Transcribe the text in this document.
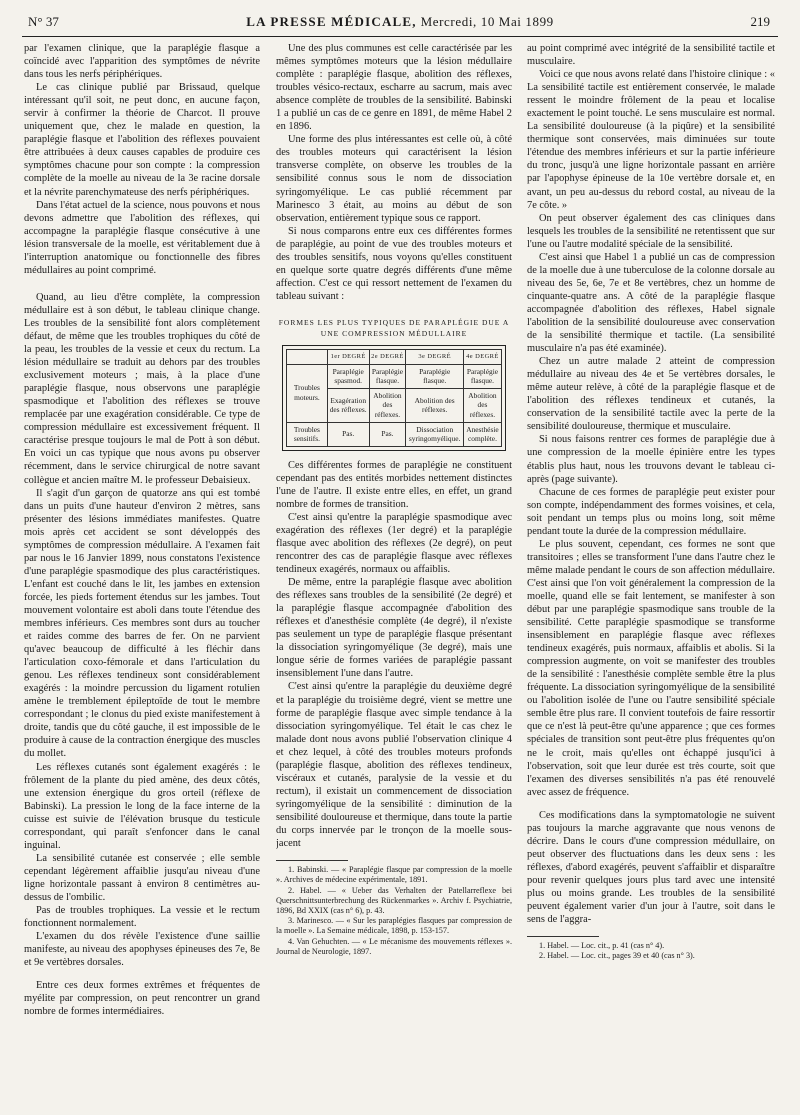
N° 37	LA PRESSE MÉDICALE, Mercredi, 10 Mai 1899	219

par l'examen clinique, que la paraplégie flasque a coïncidé avec l'apparition des symptômes de névrite dans tous les nerfs périphériques.

Le cas clinique publié par Brissaud, quelque intéressant qu'il soit, ne peut donc, en aucune façon, servir à confirmer la théorie de Charcot. Il prouve uniquement que, chez le malade en question, la paraplégie flasque et l'abolition des réflexes pouvaient être attribuées à deux causes capables de produire ces symptômes chacune pour son compte : la compression complète de la moelle au niveau de la 3e racine dorsale et la névrite parenchymateuse des nerfs périphériques.

Dans l'état actuel de la science, nous pouvons et nous devons admettre que l'abolition des réflexes, qui accompagne la paraplégie flasque consécutive à une lésion transversale de la moelle, est véritablement due à l'interruption anatomique ou fonctionnelle des fibres médullaires au point comprimé.

Quand, au lieu d'être complète, la compression médullaire est à son début, le tableau clinique change. Les troubles de la sensibilité font alors complètement défaut, de même que les troubles trophiques du côté de la peau, les troubles de la vessie et ceux du rectum. La lésion médullaire se traduit au dehors par des troubles exclusivement moteurs ; mais, à la place d'une paraplégie flasque, nous observons une paraplégie spasmodique et l'abolition des réflexes se trouve remplacée par une exagération considérable. Ce type de compression médullaire est excessivement fréquent. Il caractérise presque toujours le mal de Pott à son début. En voici un cas typique que nous avons pu observer récemment, dans le service chirurgical de notre savant collègue et ancien maître M. le professeur Debaisieux.

Il s'agit d'un garçon de quatorze ans qui est tombé dans un puits d'une hauteur d'environ 2 mètres, sans présenter des lésions immédiates manifestes. Quatre mois après cet accident se sont développés des symptômes de compression médullaire. A l'examen fait par nous le 16 Janvier 1899, nous constatons l'existence d'une paraplégie spasmodique des plus caractéristiques. L'enfant est couché dans le lit, les jambes en extension forcée, les pieds fortement étendus sur les jambes. Tout mouvement volontaire est aboli dans toute l'étendue des membres inférieurs. Ces membres sont durs au toucher et raides comme des barres de fer. On ne parvient qu'avec beaucoup de difficulté à les fléchir dans l'articulation coxo-fémorale et dans l'articulation du genou. Les réflexes tendineux sont considérablement exagérés : la moindre percussion du ligament rotulien amène le tremblement épileptoïde de tout le membre correspondant ; le clonus du pied existe manifestement à droite, tandis que du côté gauche, il est impossible de le produire à cause de la contraction énergique des muscles du mollet.

Les réflexes cutanés sont également exagérés : le frôlement de la plante du pied amène, des deux côtés, une extension énergique du gros orteil (réflexe de Babinski). La pression le long de la face interne de la cuisse est suivie de l'élévation brusque du testicule correspondant, qui paraît s'enfoncer dans le canal inguinal.

La sensibilité cutanée est conservée ; elle semble cependant légèrement affaiblie jusqu'au niveau d'une ligne horizontale passant à environ 8 centimètres au-dessus de l'ombilic.

Pas de troubles trophiques. La vessie et le rectum fonctionnent normalement.

L'examen du dos révèle l'existence d'une saillie manifeste, au niveau des apophyses épineuses des 7e, 8e et 9e vertèbres dorsales.

Entre ces deux formes extrêmes et fréquentes de myélite par compression, on peut rencontrer un grand nombre de formes intermédiaires.

Une des plus communes est celle caractérisée par les mêmes symptômes moteurs que la lésion médullaire complète : paraplégie flasque, abolition des réflexes, troubles vésico-rectaux, escharre au sacrum, mais avec absence complète de troubles de la sensibilité. Babinski 1 a publié un cas de ce genre en 1891, de même Habel 2 en 1896.

Une forme des plus intéressantes est celle où, à côté des troubles moteurs qui caractérisent la lésion transverse complète, on observe les troubles de la sensibilité connus sous le nom de dissociation syringomyélique. Le cas publié récemment par Marinesco 3 était, au moins au début de son observation, entièrement typique sous ce rapport.

Si nous comparons entre eux ces différentes formes de paraplégie, au point de vue des troubles moteurs et des troubles sensitifs, nous voyons qu'elles constituent en quelque sorte quatre degrés différents d'une même affection. C'est ce qui ressort nettement de l'examen du tableau suivant :

FORMES LES PLUS TYPIQUES DE PARAPLÉGIE DUE A UNE COMPRESSION MÉDULLAIRE
	1er DEGRÉ	2e DEGRÉ	3e DEGRÉ	4e DEGRÉ
Troubles moteurs.	Paraplégie spasmod.	Paraplégie flasque.	Paraplégie flasque.	Paraplégie flasque.
	Exagération des réflexes.	Abolition des réflexes.	Abolition des réflexes.	Abolition des réflexes.
Troubles sensitifs.	Pas.	Pas.	Dissociation syringomyélique.	Anesthésie complète.

Ces différentes formes de paraplégie ne constituent cependant pas des entités morbides nettement distinctes l'une de l'autre. Il existe entre elles, en effet, un grand nombre de formes de transition.

C'est ainsi qu'entre la paraplégie spasmodique avec exagération des réflexes (1er degré) et la paraplégie flasque avec abolition des réflexes (2e degré), on peut rencontrer des cas de paraplégie flasque avec réflexes tendineux exagérés, normaux ou affaiblis.

De même, entre la paraplégie flasque avec abolition des réflexes sans troubles de la sensibilité (2e degré) et la paraplégie flasque accompagnée d'abolition des réflexes et d'anesthésie complète (4e degré), il n'existe pas seulement un type de paraplégie flasque présentant la dissociation syringomyélique (3e degré), mais une longue série de formes variées de paraplégie passant insensiblement l'une dans l'autre.

C'est ainsi qu'entre la paraplégie du deuxième degré et la paraplégie du troisième degré, vient se mettre une forme de paraplégie flasque avec simple tendance à la dissociation syringomyélique. Tel était le cas chez le malade dont nous avons publié l'observation clinique 4 et chez lequel, à côté des troubles moteurs profonds (paraplégie flasque, abolition des réflexes tendineux, viscéraux et cutanés, paralysie de la vessie et du rectum), il existait un commencement de dissociation syringomyélique de la sensibilité : diminution de la sensibilité douloureuse et thermique, dans toute la partie du corps innervée par le tronçon de la moelle sous-jacent

1. Babinski. — « Paraplégie flasque par compression de la moelle ». Archives de médecine expérimentale, 1891.

2. Habel. — « Ueber das Verhalten der Patellarreflexe bei Querschnittsunterbrechung des Rückenmarkes ». Archiv f. Psychiatrie, 1896, Bd XXIX (cas n° 6), p. 43.

3. Marinesco. — « Sur les paraplégies flasques par compression de la moelle ». La Semaine médicale, 1898, p. 153-157.

4. Van Gehuchten. — « Le mécanisme des mouvements réflexes ». Journal de Neurologie, 1897.

au point comprimé avec intégrité de la sensibilité tactile et musculaire.

Voici ce que nous avons relaté dans l'histoire clinique : « La sensibilité tactile est entièrement conservée, le malade ressent le moindre frôlement de la peau et localise exactement le point touché. Le sens musculaire est normal. La sensibilité douloureuse (à la piqûre) et la sensibilité thermique sont conservées, mais diminuées sur toute l'étendue des membres inférieurs et sur la partie inférieure du tronc, jusqu'à une ligne horizontale passant en arrière par l'apophyse épineuse de la 10e vertèbre dorsale et, en avant, un peu au-dessus du rebord costal, au niveau de la 7e côte. »

On peut observer également des cas cliniques dans lesquels les troubles de la sensibilité ne retentissent que sur l'une ou l'autre modalité spéciale de la sensibilité.

C'est ainsi que Habel 1 a publié un cas de compression de la moelle due à une tuberculose de la colonne dorsale au niveau des 5e, 6e, 7e et 8e vertèbres, chez un homme de cinquante-quatre ans. A côté de la paraplégie flasque accompagnée d'abolition des réflexes, Habel signale l'abolition de la sensibilité douloureuse avec conservation de la sensibilité thermique et tactile. (La sensibilité musculaire n'a pas été examinée).

Chez un autre malade 2 atteint de compression médullaire au niveau des 4e et 5e vertèbres dorsales, le même auteur relève, à côté de la paraplégie flasque et de l'abolition des réflexes tendineux et cutanés, la conservation de la sensibilité tactile avec la perte de la sensibilité douloureuse, thermique et musculaire.

Si nous faisons rentrer ces formes de paraplégie due à une compression de la moelle épinière entre les types établis plus haut, nous les trouvons devant le tableau ci-après (page suivante).

Chacune de ces formes de paraplégie peut exister pour son compte, indépendamment des formes voisines, et cela, soit pendant un temps plus ou moins long, soit même pendant toute la durée de la compression médullaire.

Le plus souvent, cependant, ces formes ne sont que transitoires ; elles se transforment l'une dans l'autre chez le même malade pendant le cours de son affection médullaire. C'est ainsi que l'on voit généralement la compression de la moelle, quand elle se fait lentement, se manifester à son début par une paraplégie spasmodique sans trouble de la sensibilité. Cette paraplégie spasmodique se transforme insensiblement en paraplégie flasque avec réflexes tendineux exagérés, puis normaux, affaiblis et abolis. Si la compression augmente, on voit se manifester des troubles de la sensibilité : l'anesthésie complète semble être la plus fréquente. La dissociation syringomyélique de la sensibilité ou l'abolition isolée de l'une ou l'autre sensibilité spéciale semble être plus rare. Il convient toutefois de faire ressortir que ce n'est là peut-être qu'une apparence ; que ces formes spéciales de transition sont peut-être plus fréquentes qu'on ne le croit, mais qu'elles ont échappé jusqu'ici à l'observation, soit que leur durée est très courte, soit que l'examen des diverses sensibilités n'a pas été renouvelé avec assez de fréquence.

Ces modifications dans la symptomatologie ne suivent pas toujours la marche aggravante que nous venons de décrire. Dans le cours d'une compression médullaire, on peut observer des fluctuations dans les deux sens : les réflexes, d'abord exagérés, peuvent s'affaiblir et disparaître pour revenir quelques jours plus tard avec une intensité plus ou moins grande. Les troubles de la sensibilité peuvent également varier d'un jour à l'autre, soit dans le sens de l'aggra-

1. Habel. — Loc. cit., p. 41 (cas n° 4).

2. Habel. — Loc. cit., pages 39 et 40 (cas n° 3).
